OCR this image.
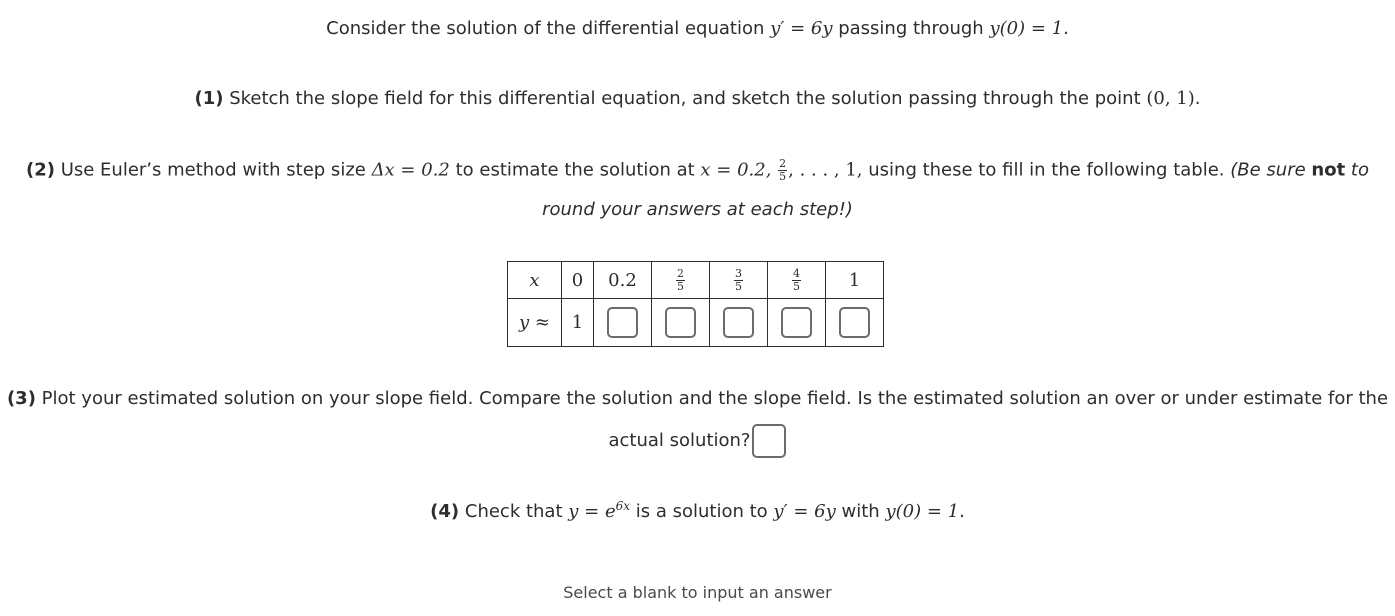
Consider the solution of the differential equation y′ = 6y passing through y(0) = 1.
(1) Sketch the slope field for this differential equation, and sketch the solution passing through the point (0, 1).
(2) Use Euler’s method with step size Δx = 0.2 to estimate the solution at x = 0.2, $\frac{2}{5}$ , . . . , 1, using these to fill in the following table. (Be sure not to
round your answers at each step!)
x	0	0.2	$\frac{2}{5}$	$\frac{3}{5}$	$\frac{4}{5}$	1
y ≈	1					
(3) Plot your estimated solution on your slope field. Compare the solution and the slope field. Is the estimated solution an over or under estimate for the
actual solution?
(4) Check that $y = e^{6x}$ is a solution to y′ = 6y with y(0) = 1.
Select a blank to input an answer
